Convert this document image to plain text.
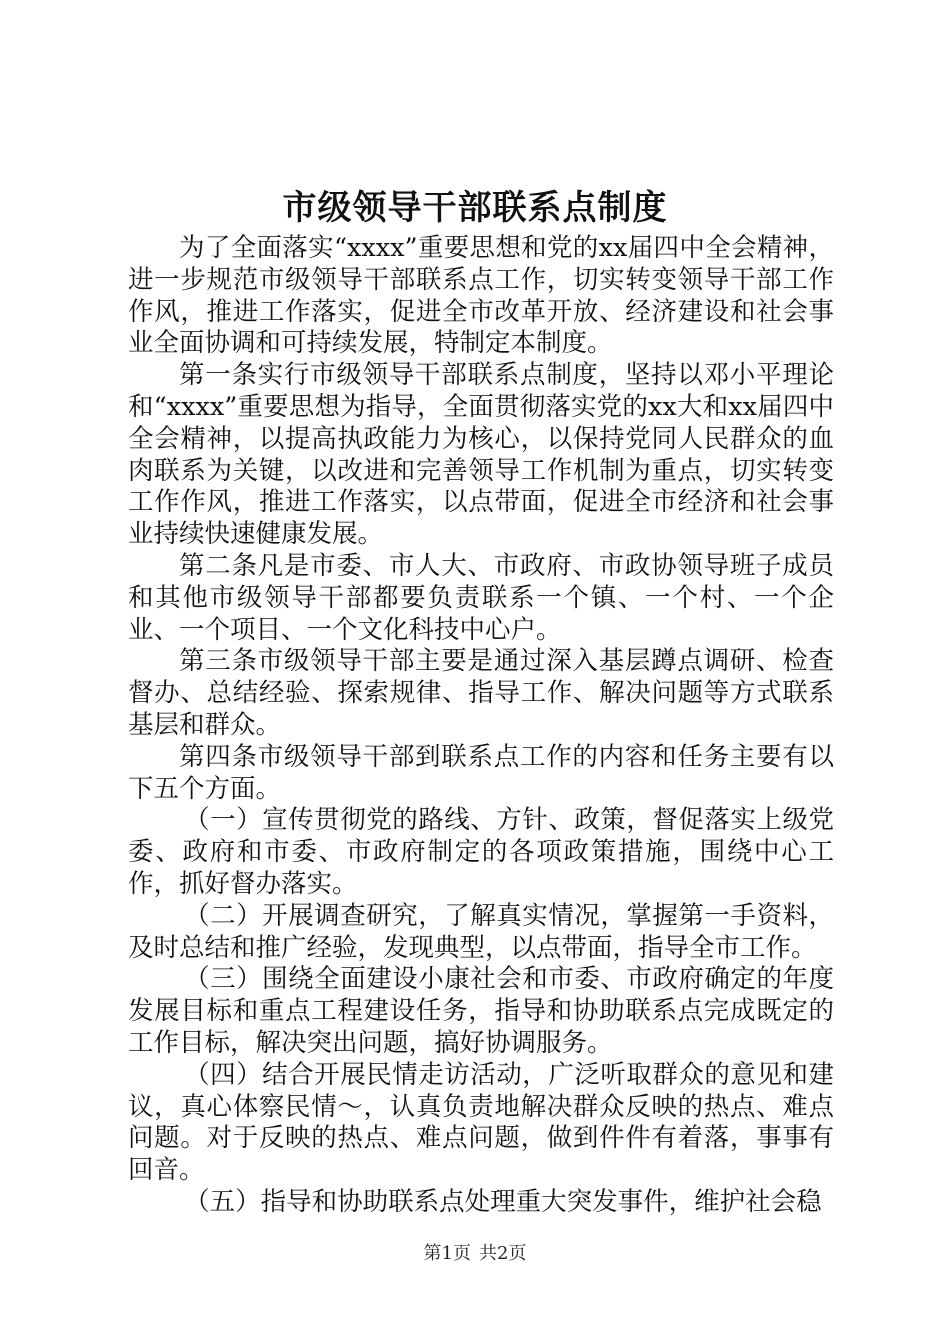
市级领导干部联系点制度

为了全面落实“xxxx”重要思想和党的xx届四中全会精神，进一步规范市级领导干部联系点工作，切实转变领导干部工作作风，推进工作落实，促进全市改革开放、经济建设和社会事业全面协调和可持续发展，特制定本制度。

第一条实行市级领导干部联系点制度，坚持以邓小平理论和“xxxx”重要思想为指导，全面贯彻落实党的xx大和xx届四中全会精神，以提高执政能力为核心，以保持党同人民群众的血肉联系为关键，以改进和完善领导工作机制为重点，切实转变工作作风，推进工作落实，以点带面，促进全市经济和社会事业持续快速健康发展。

第二条凡是市委、市人大、市政府、市政协领导班子成员和其他市级领导干部都要负责联系一个镇、一个村、一个企业、一个项目、一个文化科技中心户。

第三条市级领导干部主要是通过深入基层蹲点调研、检查督办、总结经验、探索规律、指导工作、解决问题等方式联系基层和群众。

第四条市级领导干部到联系点工作的内容和任务主要有以下五个方面。

（一）宣传贯彻党的路线、方针、政策，督促落实上级党委、政府和市委、市政府制定的各项政策措施，围绕中心工作，抓好督办落实。

（二）开展调查研究，了解真实情况，掌握第一手资料，及时总结和推广经验，发现典型，以点带面，指导全市工作。

（三）围绕全面建设小康社会和市委、市政府确定的年度发展目标和重点工程建设任务，指导和协助联系点完成既定的工作目标，解决突出问题，搞好协调服务。

（四）结合开展民情走访活动，广泛听取群众的意见和建议，真心体察民情～，认真负责地解决群众反映的热点、难点问题。对于反映的热点、难点问题，做到件件有着落，事事有回音。

（五）指导和协助联系点处理重大突发事件，维护社会稳

第1页 共2页
